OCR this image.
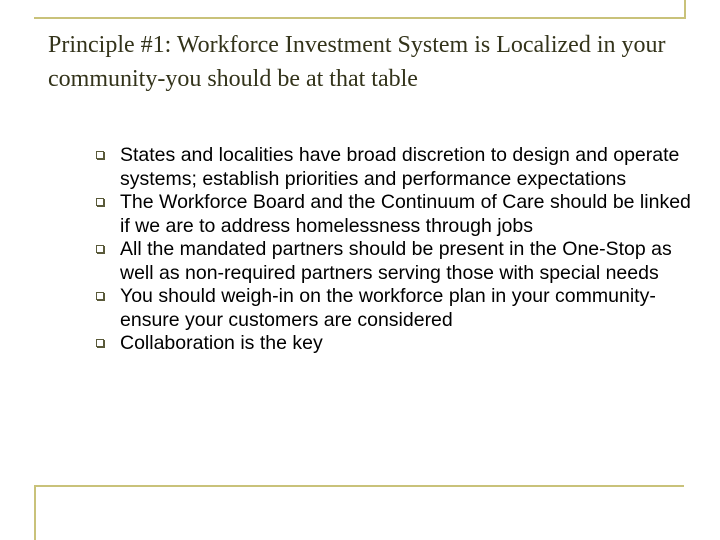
Principle #1: Workforce Investment System is Localized in your community-you should be at that table
States and localities have broad discretion to design and operate systems; establish priorities and performance expectations
The Workforce Board and the Continuum of Care should be linked if we are to address homelessness through jobs
All the mandated partners should be present in the One-Stop as well as non-required partners serving those with special needs
You should weigh-in on the workforce plan in your community-ensure your customers are considered
Collaboration is the key
